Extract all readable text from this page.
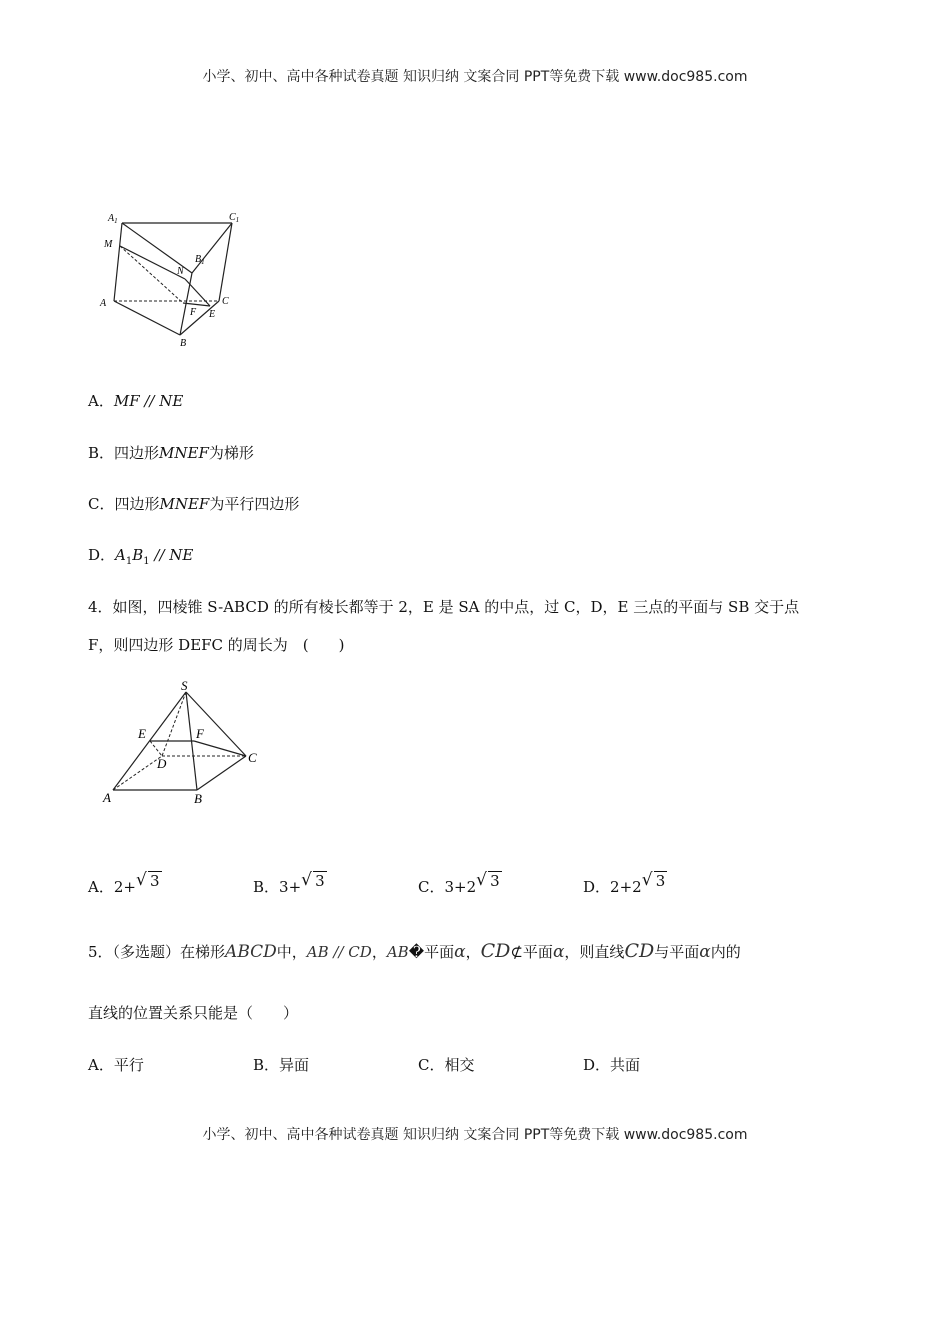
小学、初中、高中各种试卷真题 知识归纳 文案合同 PPT等免费下载 www.doc985.com
$A_1$	$C_1$
M
N
$B_1$
A	C
F E
B
A．MF // NE
B．四边形MNEF为梯形
C．四边形MNEF为平行四边形
D．$A_1B_1$ // NE
4．如图，四棱锥 S-ABCD 的所有棱长都等于 2，E 是 SA 的中点，过 C，D，E 三点的平面与 SB 交于点
F，则四边形 DEFC 的周长为　(　　)
S
E	F
D	C
A	B
A．2+ √ 3	B．3+ √ 3	C．3+2 √ 3	D．2+2 √ 3
5．（多选题）在梯形ABCD中，AB // CD，AB�平面α，CD⊄平面α，则直线CD与平面α内的
直线的位置关系只能是（　　）
A．平行	B．异面	C．相交	D．共面
小学、初中、高中各种试卷真题 知识归纳 文案合同 PPT等免费下载 www.doc985.com
